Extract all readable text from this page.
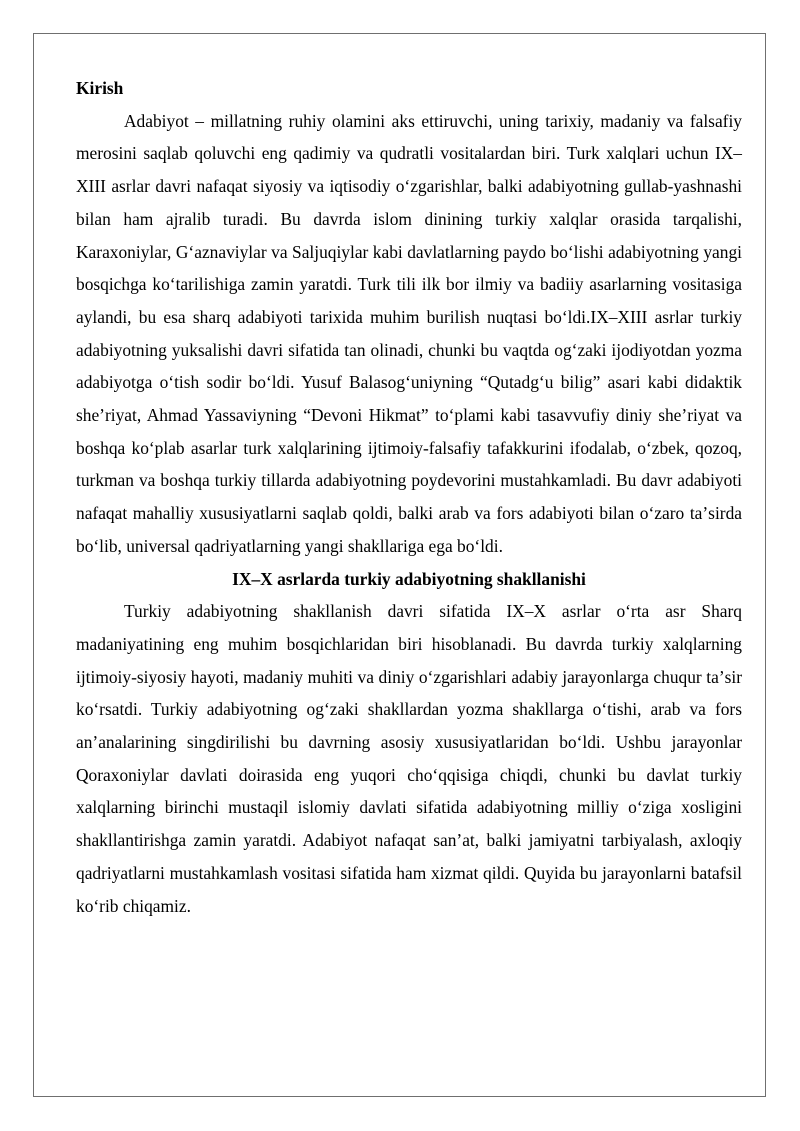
Kirish

Adabiyot – millatning ruhiy olamini aks ettiruvchi, uning tarixiy, madaniy va falsafiy merosini saqlab qoluvchi eng qadimiy va qudratli vositalardan biri. Turk xalqlari uchun IX–XIII asrlar davri nafaqat siyosiy va iqtisodiy oʻzgarishlar, balki adabiyotning gullab-yashnashi bilan ham ajralib turadi. Bu davrda islom dinining turkiy xalqlar orasida tarqalishi, Karaxoniylar, Gʻaznaviylar va Saljuqiylar kabi davlatlarning paydo boʻlishi adabiyotning yangi bosqichga koʻtarilishiga zamin yaratdi. Turk tili ilk bor ilmiy va badiiy asarlarning vositasiga aylandi, bu esa sharq adabiyoti tarixida muhim burilish nuqtasi boʻldi.IX–XIII asrlar turkiy adabiyotning yuksalishi davri sifatida tan olinadi, chunki bu vaqtda ogʻzaki ijodiyotdan yozma adabiyotga oʻtish sodir boʻldi. Yusuf Balasogʻuniyning “Qutadgʻu bilig” asari kabi didaktik sheʼriyat, Ahmad Yassaviyning “Devoni Hikmat” toʻplami kabi tasavvufiy diniy sheʼriyat va boshqa koʻplab asarlar turk xalqlarining ijtimoiy-falsafiy tafakkurini ifodalab, oʻzbek, qozoq, turkman va boshqa turkiy tillarda adabiyotning poydevorini mustahkamladi. Bu davr adabiyoti nafaqat mahalliy xususiyatlarni saqlab qoldi, balki arab va fors adabiyoti bilan oʻzaro taʼsirda boʻlib, universal qadriyatlarning yangi shakllariga ega boʻldi.

IX–X asrlarda turkiy adabiyotning shakllanishi

Turkiy adabiyotning shakllanish davri sifatida IX–X asrlar oʻrta asr Sharq madaniyatining eng muhim bosqichlaridan biri hisoblanadi. Bu davrda turkiy xalqlarning ijtimoiy-siyosiy hayoti, madaniy muhiti va diniy oʻzgarishlari adabiy jarayonlarga chuqur taʼsir koʻrsatdi. Turkiy adabiyotning ogʻzaki shakllardan yozma shakllarga oʻtishi, arab va fors anʼanalarining singdirilishi bu davrning asosiy xususiyatlaridan boʻldi. Ushbu jarayonlar Qoraxoniylar davlati doirasida eng yuqori choʻqqisiga chiqdi, chunki bu davlat turkiy xalqlarning birinchi mustaqil islomiy davlati sifatida adabiyotning milliy oʻziga xosligini shakllantirishga zamin yaratdi. Adabiyot nafaqat sanʼat, balki jamiyatni tarbiyalash, axloqiy qadriyatlarni mustahkamlash vositasi sifatida ham xizmat qildi. Quyida bu jarayonlarni batafsil koʻrib chiqamiz.
